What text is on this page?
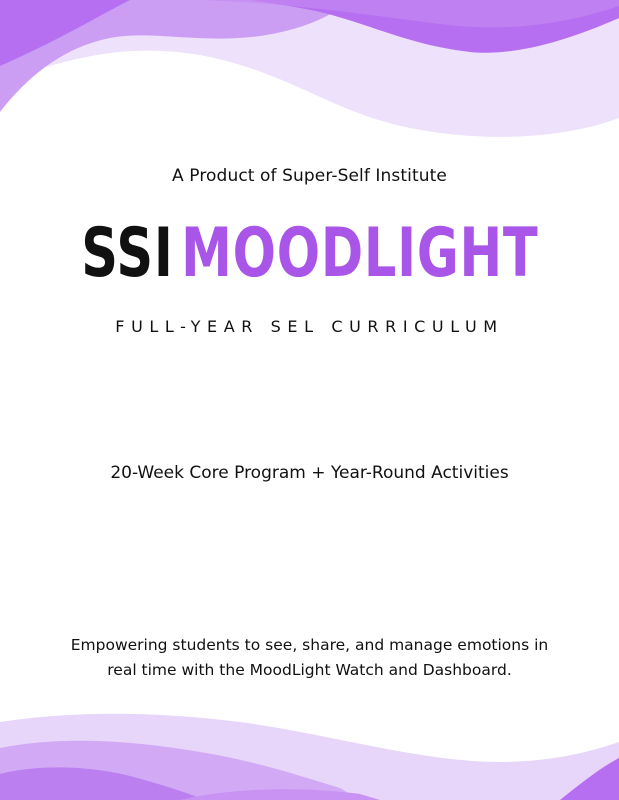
A Product of Super-Self Institute
SSI MOODLIGHT
FULL-YEAR SEL CURRICULUM
20-Week Core Program + Year-Round Activities
Empowering students to see, share, and manage emotions in real time with the MoodLight Watch and Dashboard.
